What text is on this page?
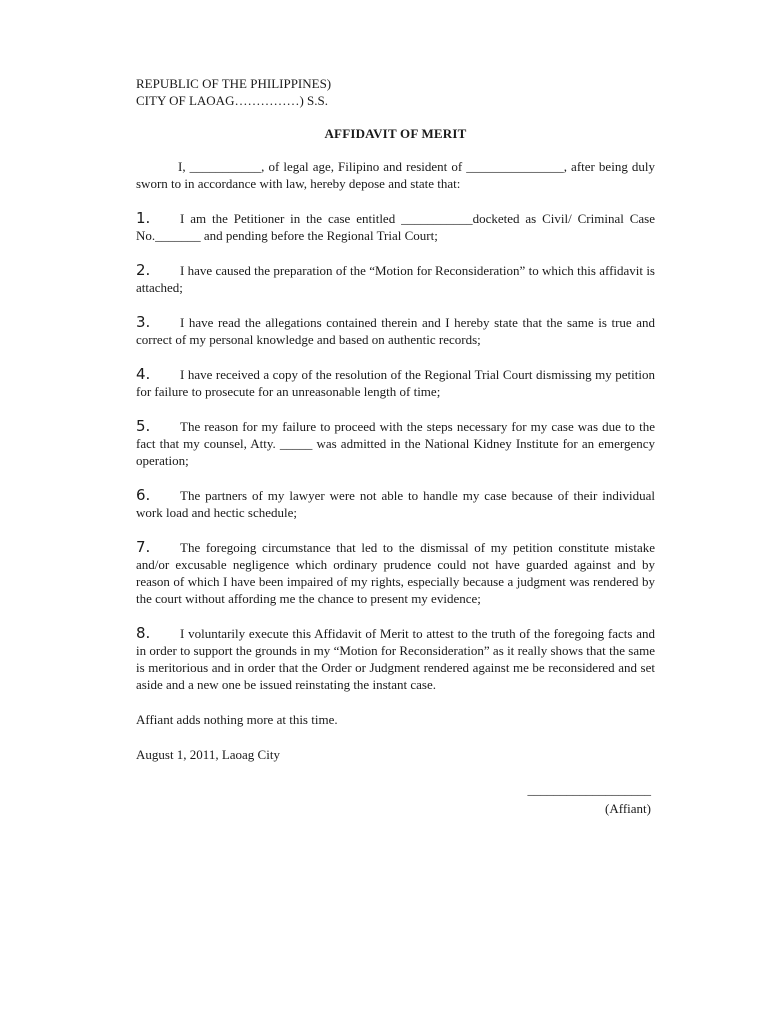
REPUBLIC OF THE PHILIPPINES)

CITY OF LAOAG……………) S.S.

AFFIDAVIT OF MERIT

I, ___________, of legal age, Filipino and resident of _______________, after being duly sworn to in accordance with law, hereby depose and state that:

1. I am the Petitioner in the case entitled ___________docketed as Civil/ Criminal Case No._______ and pending before the Regional Trial Court;

2. I have caused the preparation of the “Motion for Reconsideration” to which this affidavit is attached;

3. I have read the allegations contained therein and I hereby state that the same is true and correct of my personal knowledge and based on authentic records;

4. I have received a copy of the resolution of the Regional Trial Court dismissing my petition for failure to prosecute for an unreasonable length of time;

5. The reason for my failure to proceed with the steps necessary for my case was due to the fact that my counsel, Atty. _____ was admitted in the National Kidney Institute for an emergency operation;

6. The partners of my lawyer were not able to handle my case because of their individual work load and hectic schedule;

7. The foregoing circumstance that led to the dismissal of my petition constitute mistake and/or excusable negligence which ordinary prudence could not have guarded against and by reason of which I have been impaired of my rights, especially because a judgment was rendered by the court without affording me the chance to present my evidence;

8. I voluntarily execute this Affidavit of Merit to attest to the truth of the foregoing facts and in order to support the grounds in my “Motion for Reconsideration” as it really shows that the same is meritorious and in order that the Order or Judgment rendered against me be reconsidered and set aside and a new one be issued reinstating the instant case.

Affiant adds nothing more at this time.

August 1, 2011, Laoag City

___________________

(Affiant)
